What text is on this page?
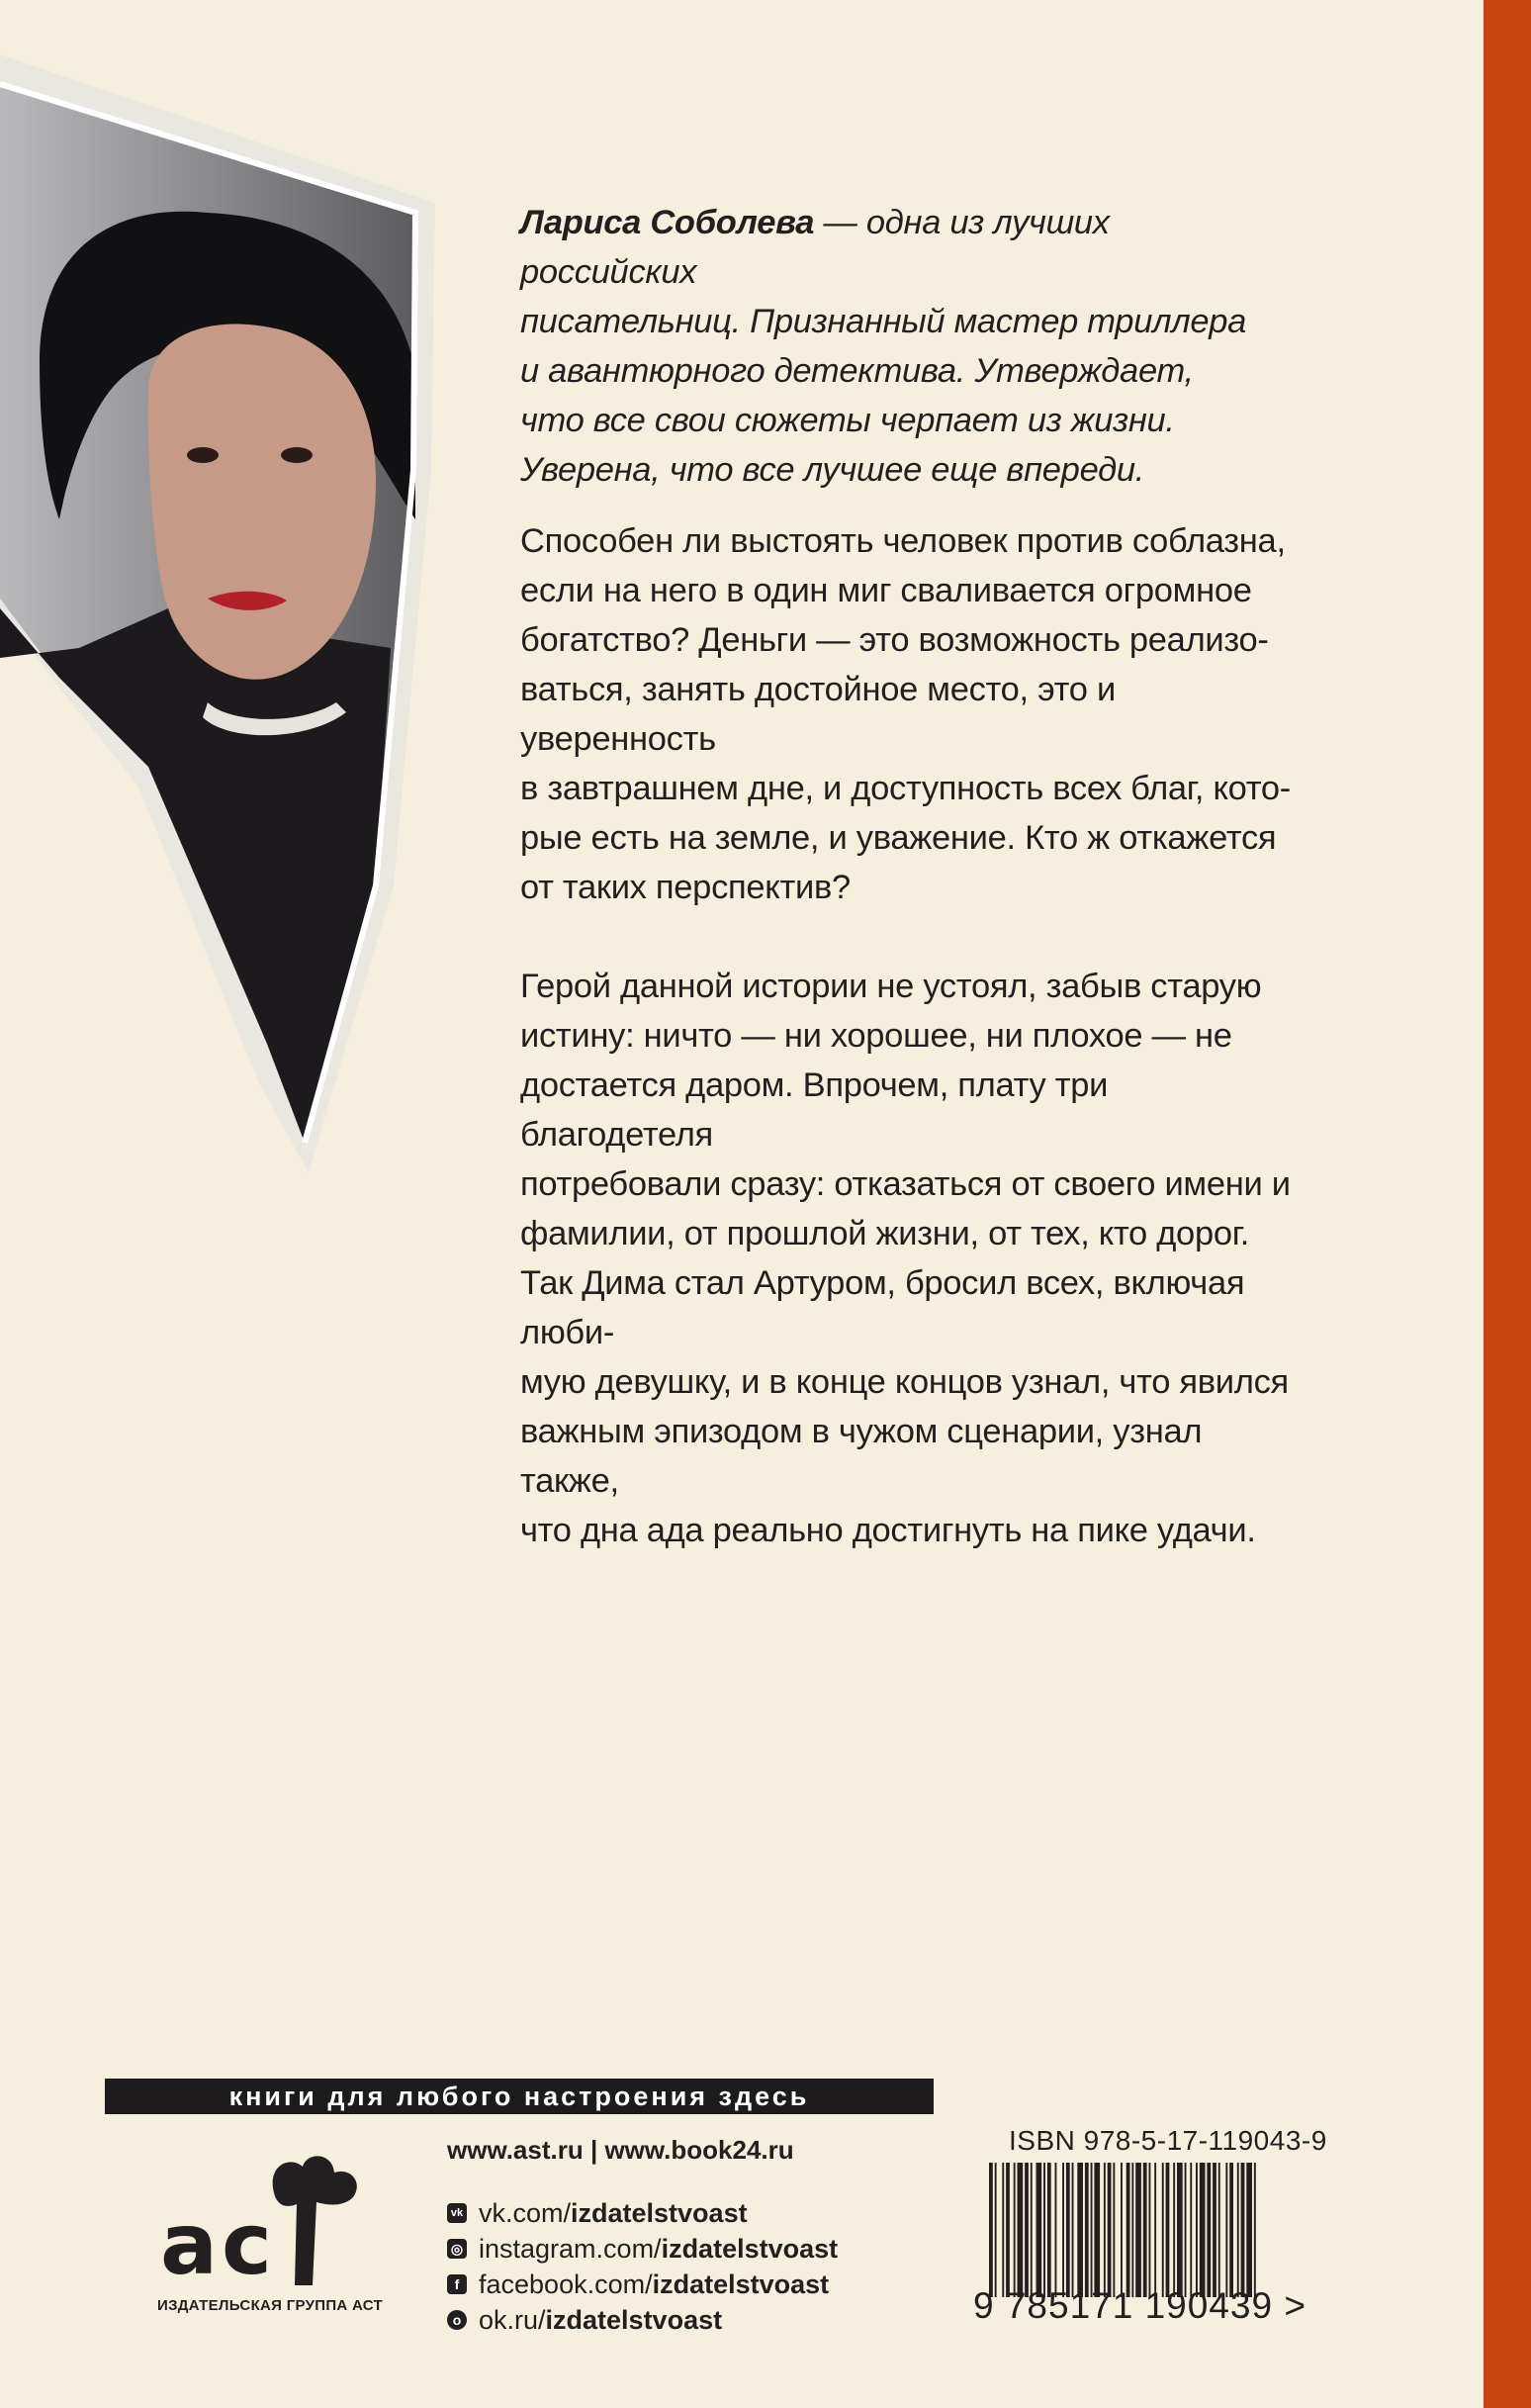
Лариса Соболева — одна из лучших российских
писательниц. Признанный мастер триллера
и авантюрного детектива. Утверждает,
что все свои сюжеты черпает из жизни.
Уверена, что все лучшее еще впереди.

Способен ли выстоять человек против соблазна,
если на него в один миг сваливается огромное
богатство? Деньги — это возможность реализо-
ваться, занять достойное место, это и уверенность
в завтрашнем дне, и доступность всех благ, кото-
рые есть на земле, и уважение. Кто ж откажется
от таких перспектив?

Герой данной истории не устоял, забыв старую
истину: ничто — ни хорошее, ни плохое — не
достается даром. Впрочем, плату три благодетеля
потребовали сразу: отказаться от своего имени и
фамилии, от прошлой жизни, от тех, кто дорог.
Так Дима стал Артуром, бросил всех, включая люби-
мую девушку, и в конце концов узнал, что явился
важным эпизодом в чужом сценарии, узнал также,
что дна ада реально достигнуть на пике удачи.

книги для любого настроения здесь
а с
ИЗДАТЕЛЬСКАЯ ГРУППА АСТ
www.ast.ru | www.book24.ru
vk vk.com/ izdatelstvoast
◎ instagram.com/ izdatelstvoast
f facebook.com/ izdatelstvoast
о ok.ru/ izdatelstvoast
ISBN 978-5-17-119043-9
9 785171 190439 >
